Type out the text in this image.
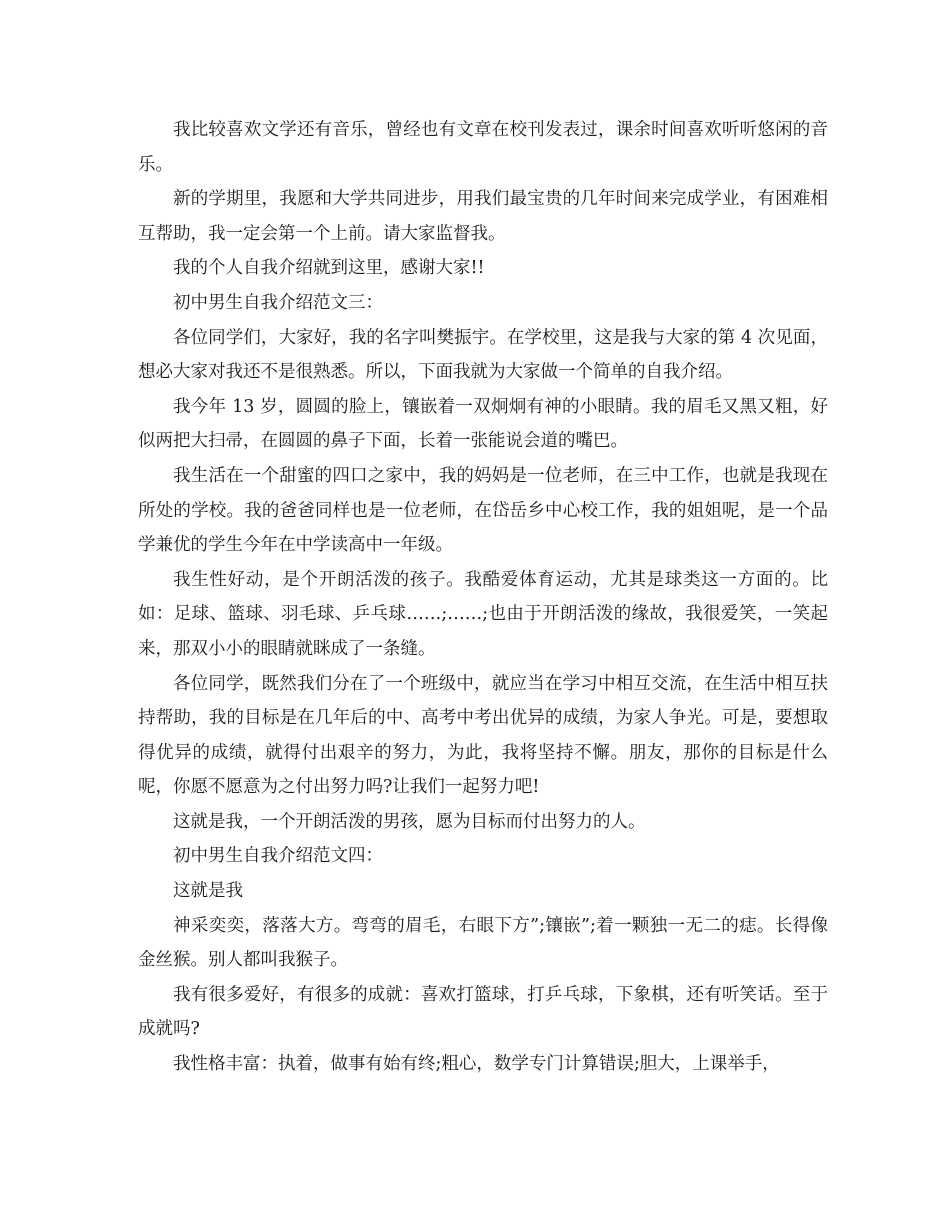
我比较喜欢文学还有音乐，曾经也有文章在校刊发表过，课余时间喜欢听听悠闲的音乐。

新的学期里，我愿和大学共同进步，用我们最宝贵的几年时间来完成学业，有困难相互帮助，我一定会第一个上前。请大家监督我。

我的个人自我介绍就到这里，感谢大家!!

初中男生自我介绍范文三：

各位同学们，大家好，我的名字叫樊振宇。在学校里，这是我与大家的第 4 次见面，想必大家对我还不是很熟悉。所以，下面我就为大家做一个简单的自我介绍。

我今年 13 岁，圆圆的脸上，镶嵌着一双炯炯有神的小眼睛。我的眉毛又黑又粗，好似两把大扫帚，在圆圆的鼻子下面，长着一张能说会道的嘴巴。

我生活在一个甜蜜的四口之家中，我的妈妈是一位老师，在三中工作，也就是我现在所处的学校。我的爸爸同样也是一位老师，在岱岳乡中心校工作，我的姐姐呢，是一个品学兼优的学生今年在中学读高中一年级。

我生性好动，是个开朗活泼的孩子。我酷爱体育运动，尤其是球类这一方面的。比如：足球、篮球、羽毛球、乒乓球……;……;也由于开朗活泼的缘故，我很爱笑，一笑起来，那双小小的眼睛就眯成了一条缝。

各位同学，既然我们分在了一个班级中，就应当在学习中相互交流，在生活中相互扶持帮助，我的目标是在几年后的中、高考中考出优异的成绩，为家人争光。可是，要想取得优异的成绩，就得付出艰辛的努力，为此，我将坚持不懈。朋友，那你的目标是什么呢，你愿不愿意为之付出努力吗?让我们一起努力吧!

这就是我，一个开朗活泼的男孩，愿为目标而付出努力的人。

初中男生自我介绍范文四：

这就是我

神采奕奕，落落大方。弯弯的眉毛，右眼下方”;镶嵌”;着一颗独一无二的痣。长得像金丝猴。别人都叫我猴子。

我有很多爱好，有很多的成就：喜欢打篮球，打乒乓球，下象棋，还有听笑话。至于成就吗?

我性格丰富：执着，做事有始有终;粗心，数学专门计算错误;胆大，上课举手，
